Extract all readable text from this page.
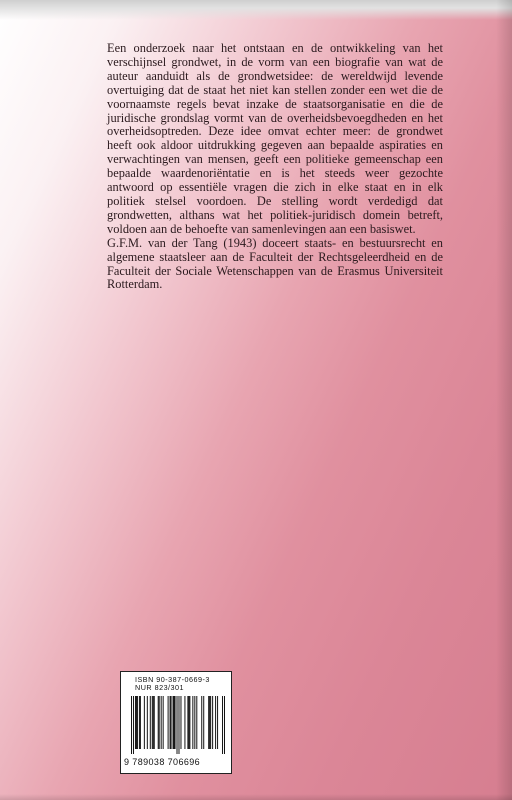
Een onderzoek naar het ontstaan en de ontwikkeling van het verschijnsel grondwet, in de vorm van een biografie van wat de auteur aanduidt als de grondwetsidee: de wereldwijd levende overtuiging dat de staat het niet kan stellen zonder een wet die de voornaamste regels bevat inzake de staatsorganisatie en die de juridische grondslag vormt van de overheidsbevoegdheden en het overheidsoptreden. Deze idee omvat echter meer: de grondwet heeft ook aldoor uitdrukking gegeven aan bepaalde aspiraties en verwachtingen van mensen, geeft een politieke gemeenschap een bepaalde waardenoriëntatie en is het steeds weer gezochte antwoord op essentiële vragen die zich in elke staat en in elk politiek stelsel voordoen. De stelling wordt verdedigd dat grondwetten, althans wat het politiek-juridisch domein betreft, voldoen aan de behoefte van samenlevingen aan een basiswet.

G.F.M. van der Tang (1943) doceert staats- en bestuursrecht en algemene staatsleer aan de Faculteit der Rechtsgeleerdheid en de Faculteit der Sociale Wetenschappen van de Erasmus Universiteit Rotterdam.

ISBN 90-387-0669-3
NUR 823/301
9 789038 706696
